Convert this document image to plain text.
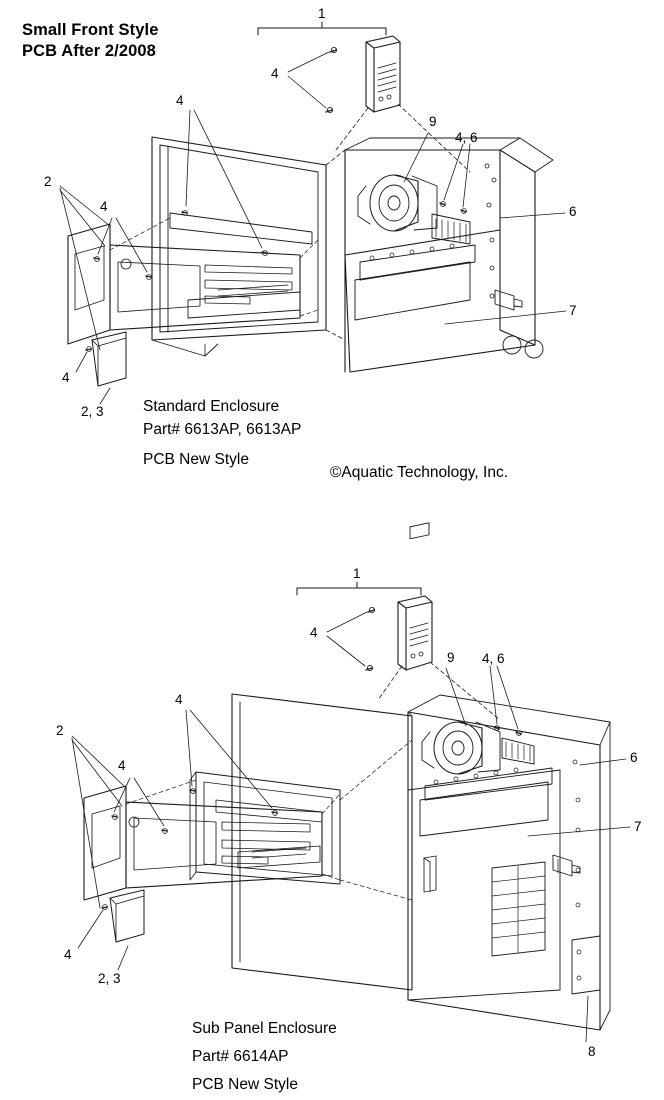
Small Front Style
PCB After 2/2008
1
4
4
9
4, 6
2
4	6
7
4
2, 3	Standard Enclosure
Part# 6613AP, 6613AP
PCB New Style
©Aquatic Technology, Inc.
1
4
9 4, 6
4
2
4
6
7
4
2, 3
8
Sub Panel Enclosure
Part# 6614AP
PCB New Style
